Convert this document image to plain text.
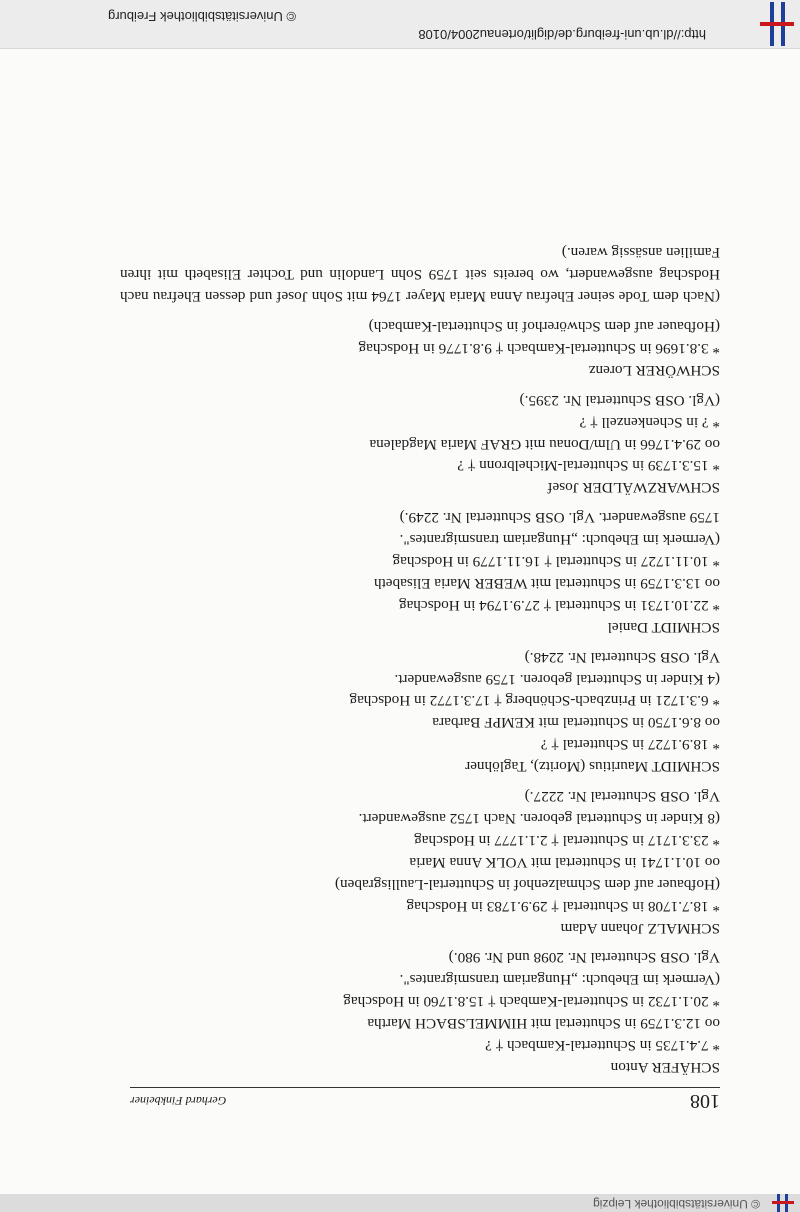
© Universitätsbibliothek Leipzig
108
Gerhard Finkbeiner

SCHÄFER Anton

* 7.4.1735 in Schuttertal-Kambach † ?

oo 12.3.1759 in Schuttertal mit HIMMELSBACH Martha

* 20.1.1732 in Schuttertal-Kambach † 15.8.1760 in Hodschag

(Vermerk im Ehebuch: „Hungariam transmigrantes".

Vgl. OSB Schuttertal Nr. 2098 und Nr. 980.)

SCHMALZ Johann Adam

* 18.7.1708 in Schuttertal † 29.9.1783 in Hodschag

(Hofbauer auf dem Schmalzenhof in Schuttertal-Laullisgraben)

oo 10.1.1741 in Schuttertal mit VOLK Anna Maria

* 23.3.1717 in Schuttertal † 2.1.1777 in Hodschag

(8 Kinder in Schuttertal geboren. Nach 1752 ausgewandert.

Vgl. OSB Schuttertal Nr. 2227.)

SCHMIDT Mauritius (Moritz), Taglöhner

* 18.9.1727 in Schuttertal † ?

oo 8.6.1750 in Schuttertal mit KEMPF Barbara

* 6.3.1721 in Prinzbach-Schönberg † 17.3.1772 in Hodschag

(4 Kinder in Schuttertal geboren. 1759 ausgewandert.

Vgl. OSB Schuttertal Nr. 2248.)

SCHMIDT Daniel

* 22.10.1731 in Schuttertal † 27.9.1794 in Hodschag

oo 13.3.1759 in Schuttertal mit WEBER Maria Elisabeth

* 10.11.1727 in Schuttertal † 16.11.1779 in Hodschag

(Vermerk im Ehebuch: „Hungariam transmigrantes".

1759 ausgewandert. Vgl. OSB Schuttertal Nr. 2249.)

SCHWARZWÄLDER Josef

* 15.3.1739 in Schuttertal-Michelbronn † ?

oo 29.4.1766 in Ulm/Donau mit GRAF Maria Magdalena

* ? in Schenkenzell † ?

(Vgl. OSB Schuttertal Nr. 2395.)

SCHWÖRER Lorenz

* 3.8.1696 in Schuttertal-Kambach † 9.8.1776 in Hodschag

(Hofbauer auf dem Schwörerhof in Schuttertal-Kambach)

(Nach dem Tode seiner Ehefrau Anna Maria Mayer 1764 mit Sohn Josef und dessen Ehefrau nach Hodschag ausgewandert, wo bereits seit 1759 Sohn Landolin und Tochter Elisabeth mit ihren Familien ansässig waren.)

http://dl.ub.uni-freiburg.de/diglit/ortenau2004/0108
© Universitätsbibliothek Freiburg
